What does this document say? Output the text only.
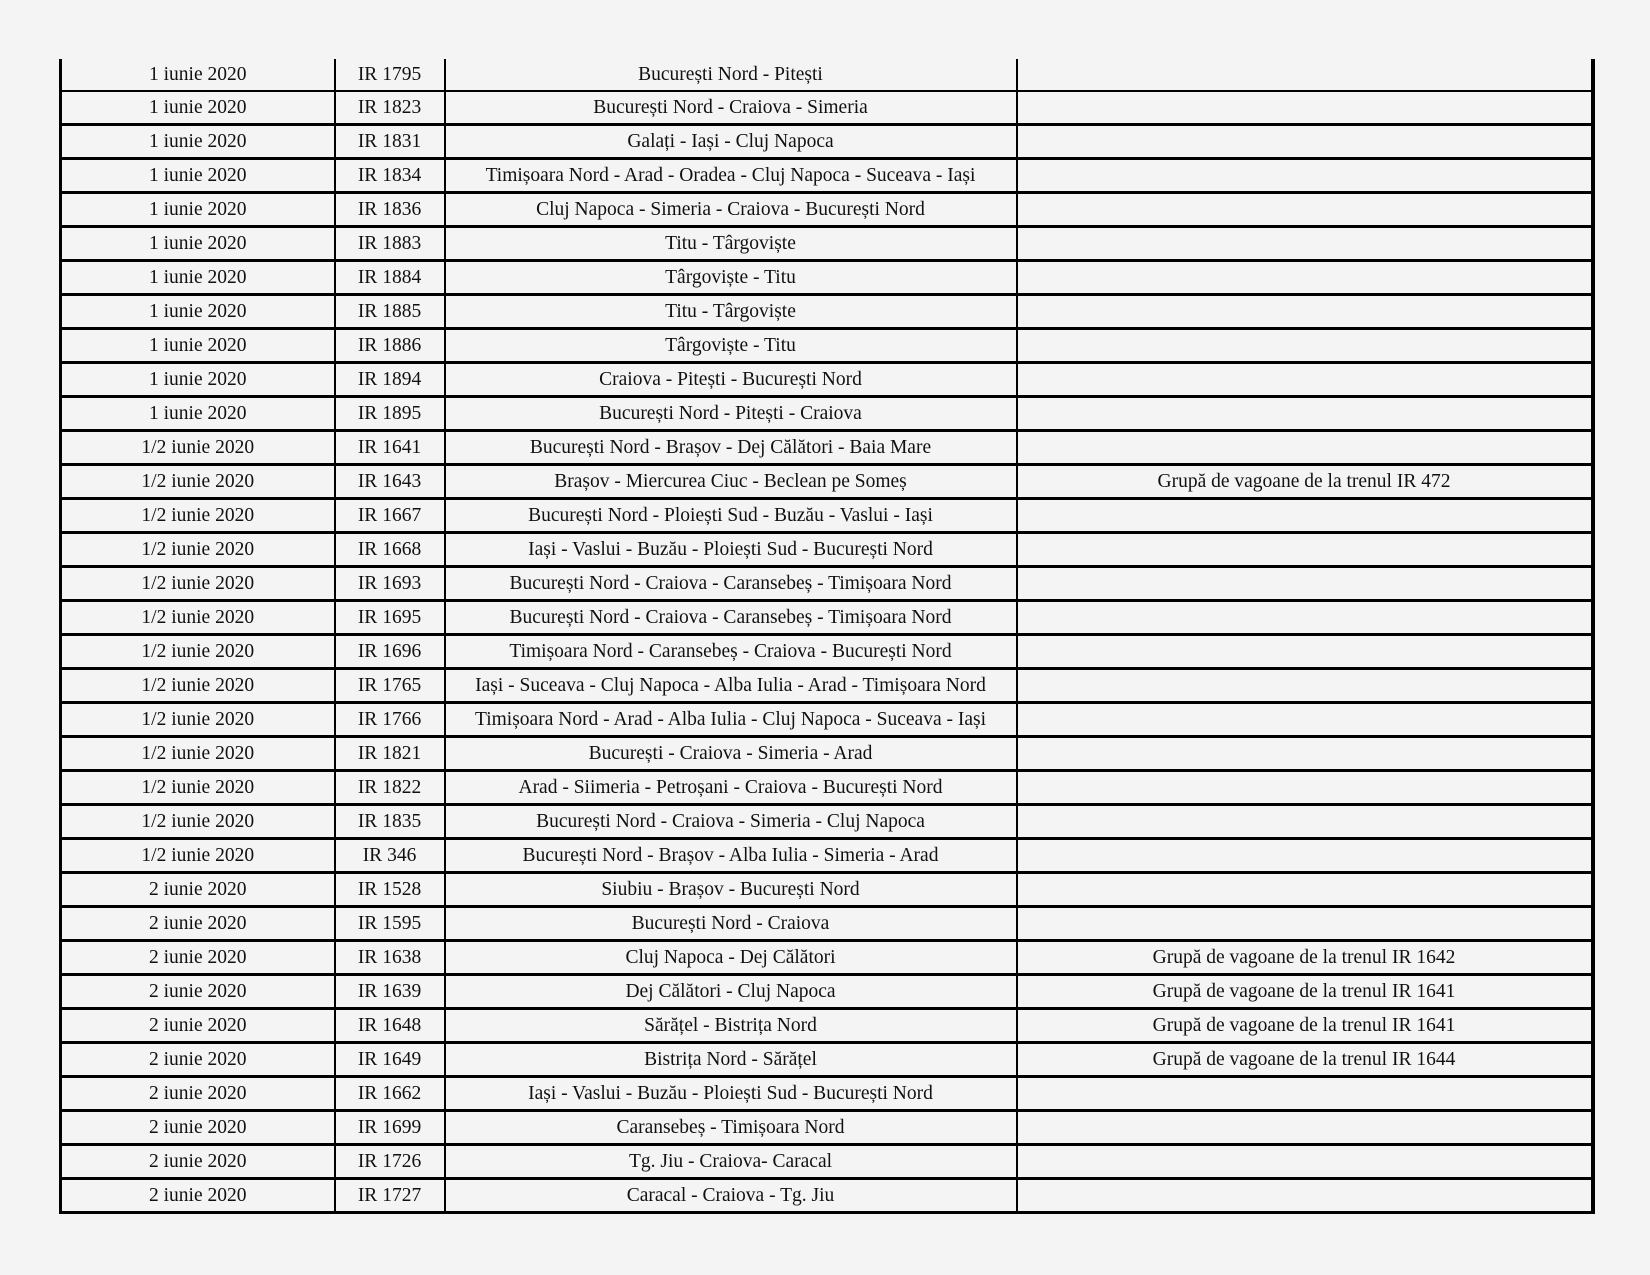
1 iunie 2020	IR 1795	București Nord - Pitești	
1 iunie 2020	IR 1823	București Nord - Craiova - Simeria	
1 iunie 2020	IR 1831	Galați - Iași - Cluj Napoca	
1 iunie 2020	IR 1834	Timișoara Nord - Arad - Oradea - Cluj Napoca - Suceava - Iași	
1 iunie 2020	IR 1836	Cluj Napoca - Simeria - Craiova - București Nord	
1 iunie 2020	IR 1883	Titu - Târgoviște	
1 iunie 2020	IR 1884	Târgoviște - Titu	
1 iunie 2020	IR 1885	Titu - Târgoviște	
1 iunie 2020	IR 1886	Târgoviște - Titu	
1 iunie 2020	IR 1894	Craiova - Pitești - București Nord	
1 iunie 2020	IR 1895	București Nord - Pitești - Craiova	
1/2 iunie 2020	IR 1641	București Nord - Brașov - Dej Călători - Baia Mare	
1/2 iunie 2020	IR 1643	Brașov - Miercurea Ciuc - Beclean pe Someș	Grupă de vagoane de la trenul IR 472
1/2 iunie 2020	IR 1667	București Nord - Ploiești Sud - Buzău - Vaslui - Iași	
1/2 iunie 2020	IR 1668	Iași - Vaslui - Buzău - Ploiești Sud - București Nord	
1/2 iunie 2020	IR 1693	București Nord - Craiova - Caransebeș - Timișoara Nord	
1/2 iunie 2020	IR 1695	București Nord - Craiova - Caransebeș - Timișoara Nord	
1/2 iunie 2020	IR 1696	Timișoara Nord - Caransebeș - Craiova - București Nord	
1/2 iunie 2020	IR 1765	Iași - Suceava - Cluj Napoca - Alba Iulia - Arad - Timișoara Nord	
1/2 iunie 2020	IR 1766	Timișoara Nord - Arad - Alba Iulia - Cluj Napoca - Suceava - Iași	
1/2 iunie 2020	IR 1821	București - Craiova - Simeria - Arad	
1/2 iunie 2020	IR 1822	Arad - Siimeria - Petroșani - Craiova - București Nord	
1/2 iunie 2020	IR 1835	București Nord - Craiova - Simeria - Cluj Napoca	
1/2 iunie 2020	IR 346	București Nord - Brașov - Alba Iulia - Simeria - Arad	
2 iunie 2020	IR 1528	Siubiu - Brașov - București Nord	
2 iunie 2020	IR 1595	București Nord - Craiova	
2 iunie 2020	IR 1638	Cluj Napoca - Dej Călători	Grupă de vagoane de la trenul IR 1642
2 iunie 2020	IR 1639	Dej Călători - Cluj Napoca	Grupă de vagoane de la trenul IR 1641
2 iunie 2020	IR 1648	Sărățel - Bistrița Nord	Grupă de vagoane de la trenul IR 1641
2 iunie 2020	IR 1649	Bistrița Nord - Sărățel	Grupă de vagoane de la trenul IR 1644
2 iunie 2020	IR 1662	Iași - Vaslui - Buzău - Ploiești Sud - București Nord	
2 iunie 2020	IR 1699	Caransebeș - Timișoara Nord	
2 iunie 2020	IR 1726	Tg. Jiu - Craiova- Caracal	
2 iunie 2020	IR 1727	Caracal - Craiova - Tg. Jiu	
